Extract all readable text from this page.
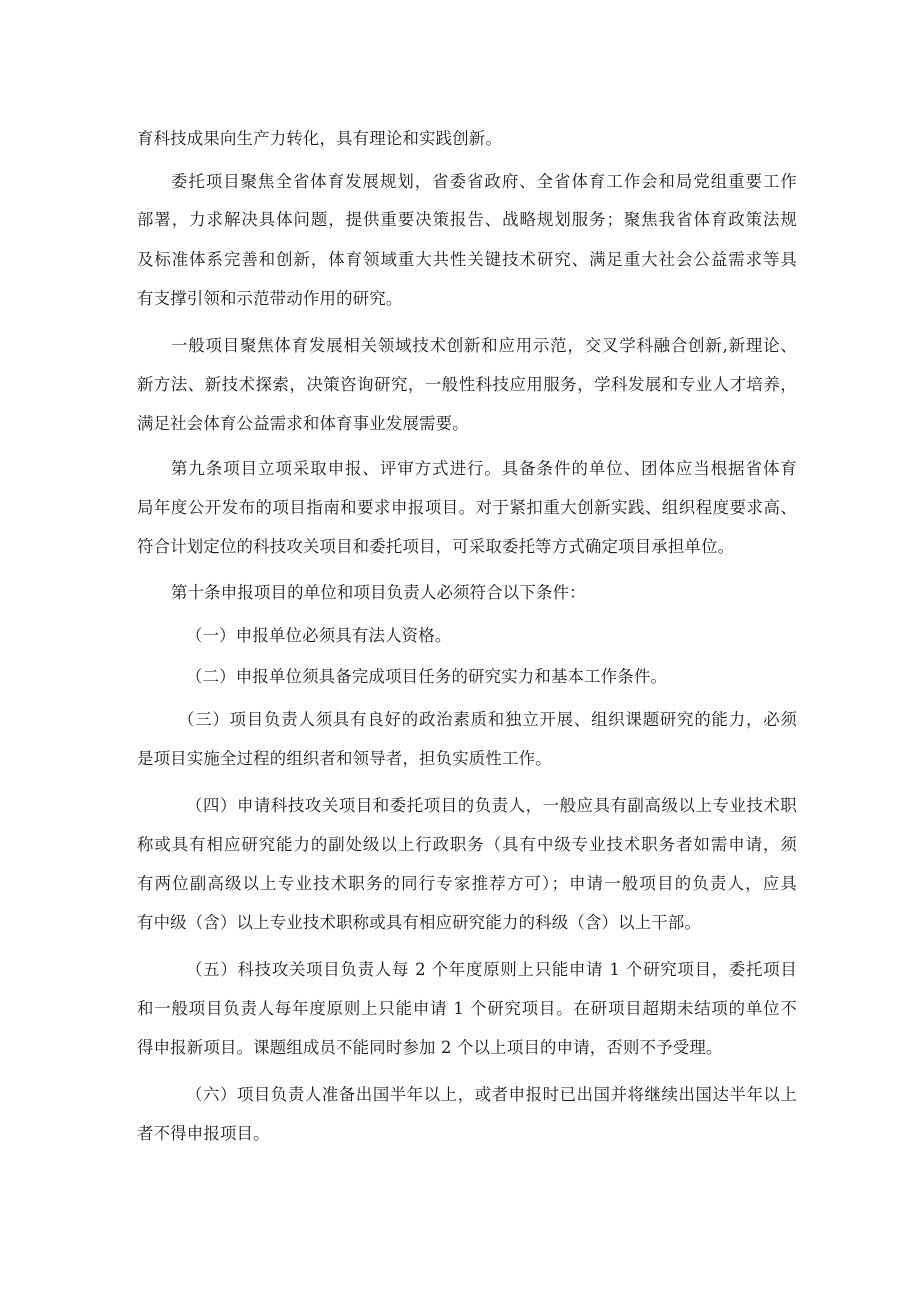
育科技成果向生产力转化，具有理论和实践创新。
委托项目聚焦全省体育发展规划，省委省政府、全省体育工作会和局党组重要工作
部署，力求解决具体问题，提供重要决策报告、战略规划服务；聚焦我省体育政策法规
及标准体系完善和创新，体育领域重大共性关键技术研究、满足重大社会公益需求等具
有支撑引领和示范带动作用的研究。
一般项目聚焦体育发展相关领域技术创新和应用示范，交叉学科融合创新,新理论、
新方法、新技术探索，决策咨询研究，一般性科技应用服务，学科发展和专业人才培养，
满足社会体育公益需求和体育事业发展需要。
第九条项目立项采取申报、评审方式进行。具备条件的单位、团体应当根据省体育
局年度公开发布的项目指南和要求申报项目。对于紧扣重大创新实践、组织程度要求高、
符合计划定位的科技攻关项目和委托项目，可采取委托等方式确定项目承担单位。
第十条申报项目的单位和项目负责人必须符合以下条件：
（一）申报单位必须具有法人资格。
（二）申报单位须具备完成项目任务的研究实力和基本工作条件。
（三）项目负责人须具有良好的政治素质和独立开展、组织课题研究的能力，必须
是项目实施全过程的组织者和领导者，担负实质性工作。
（四）申请科技攻关项目和委托项目的负责人，一般应具有副高级以上专业技术职
称或具有相应研究能力的副处级以上行政职务（具有中级专业技术职务者如需申请，须
有两位副高级以上专业技术职务的同行专家推荐方可）；申请一般项目的负责人，应具
有中级（含）以上专业技术职称或具有相应研究能力的科级（含）以上干部。
（五）科技攻关项目负责人每 2 个年度原则上只能申请 1 个研究项目，委托项目
和一般项目负责人每年度原则上只能申请 1 个研究项目。在研项目超期未结项的单位不
得申报新项目。课题组成员不能同时参加 2 个以上项目的申请，否则不予受理。
（六）项目负责人准备出国半年以上，或者申报时已出国并将继续出国达半年以上
者不得申报项目。
